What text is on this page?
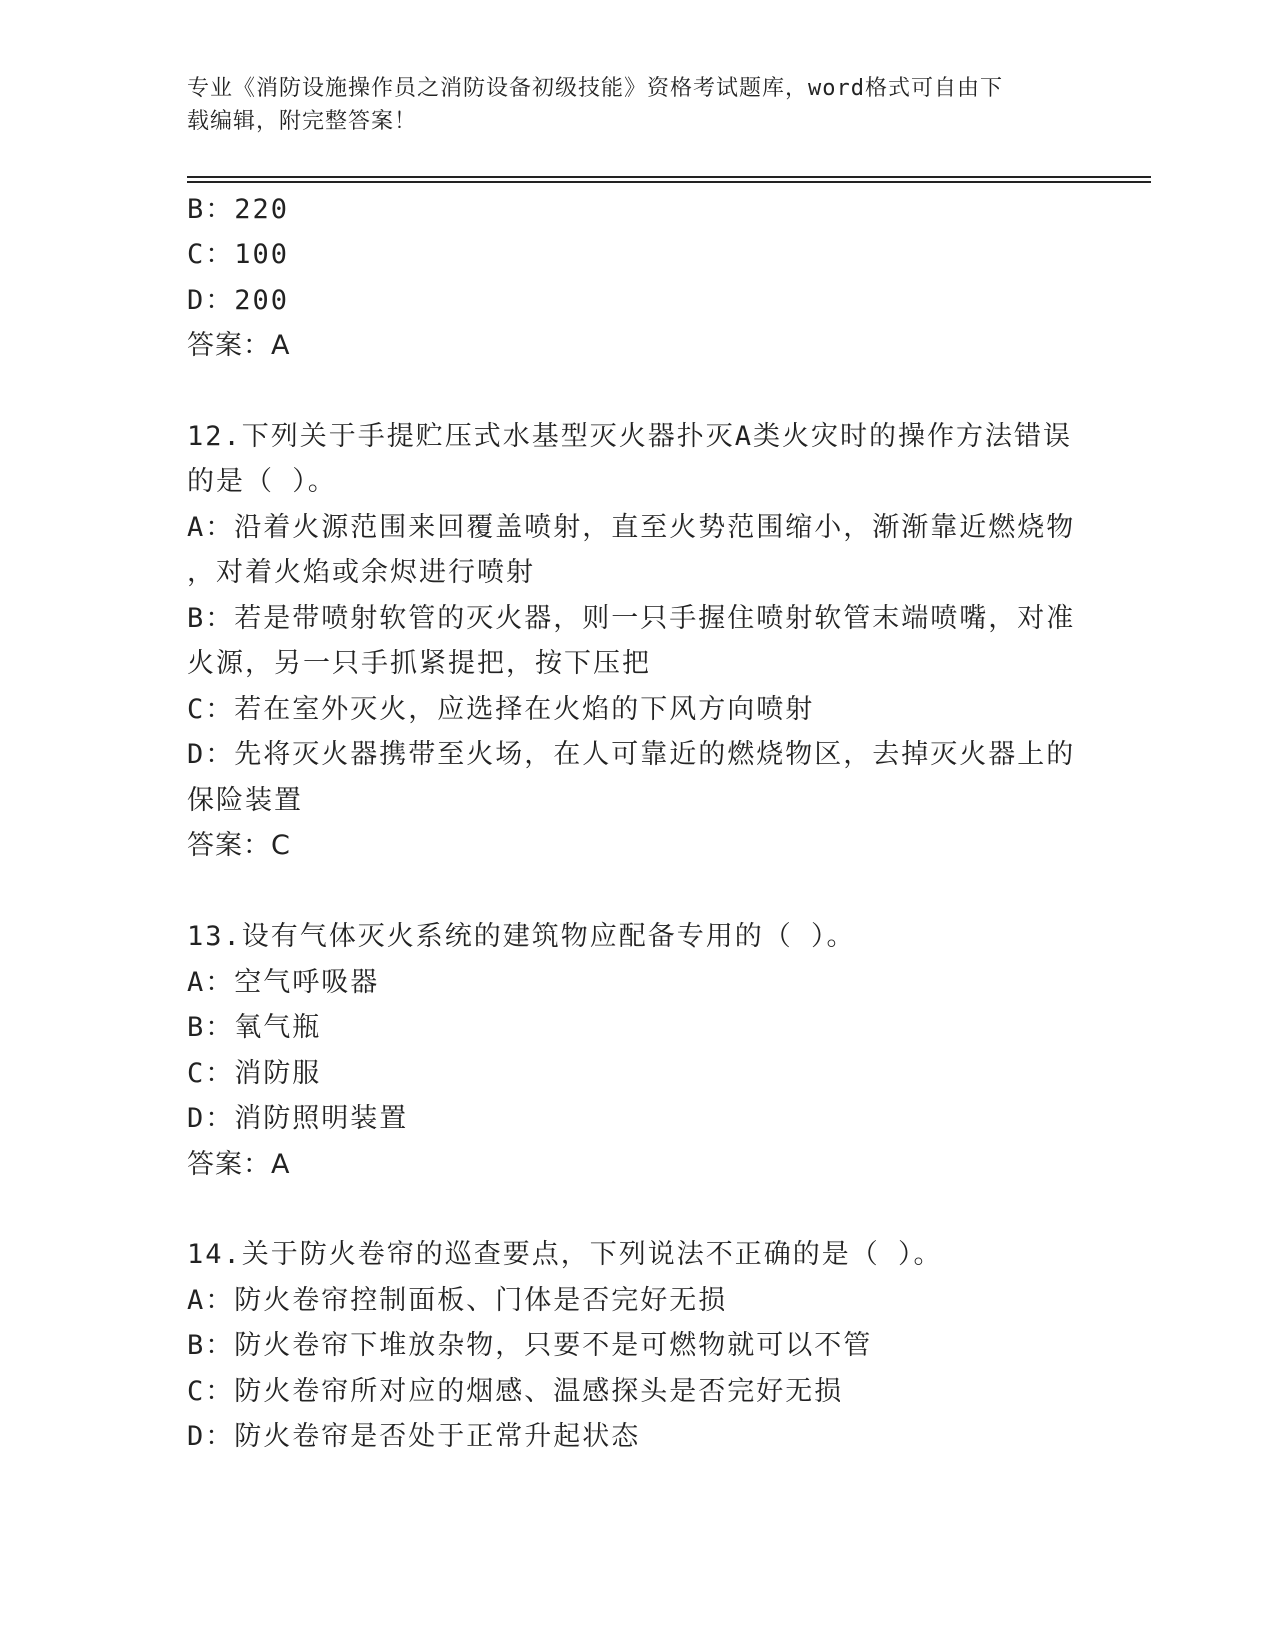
专业《消防设施操作员之消防设备初级技能》资格考试题库，word格式可自由下
载编辑，附完整答案！
B：220
C：100
D：200
答案：A
12.下列关于手提贮压式水基型灭火器扑灭A类火灾时的操作方法错误
的是（ ）。
A：沿着火源范围来回覆盖喷射，直至火势范围缩小，渐渐靠近燃烧物
，对着火焰或余烬进行喷射
B：若是带喷射软管的灭火器，则一只手握住喷射软管末端喷嘴，对准
火源，另一只手抓紧提把，按下压把
C：若在室外灭火，应选择在火焰的下风方向喷射
D：先将灭火器携带至火场，在人可靠近的燃烧物区，去掉灭火器上的
保险装置
答案：C
13.设有气体灭火系统的建筑物应配备专用的（ ）。
A：空气呼吸器
B：氧气瓶
C：消防服
D：消防照明装置
答案：A
14.关于防火卷帘的巡查要点，下列说法不正确的是（ ）。
A：防火卷帘控制面板、门体是否完好无损
B：防火卷帘下堆放杂物，只要不是可燃物就可以不管
C：防火卷帘所对应的烟感、温感探头是否完好无损
D：防火卷帘是否处于正常升起状态
